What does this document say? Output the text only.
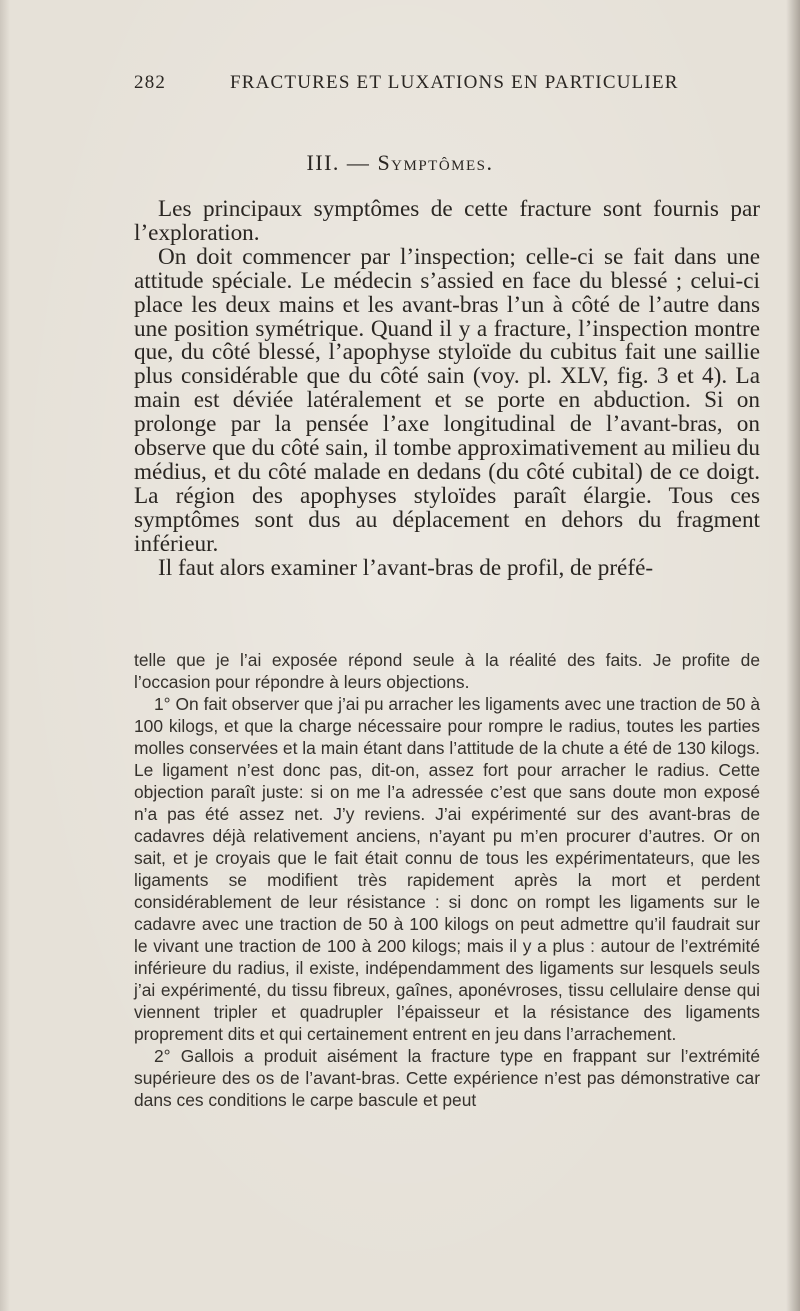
282	FRACTURES ET LUXATIONS EN PARTICULIER
III. — Symptômes.

Les principaux symptômes de cette fracture sont fournis par l’exploration.

On doit commencer par l’inspection; celle-ci se fait dans une attitude spéciale. Le médecin s’assied en face du blessé ; celui-ci place les deux mains et les avant-bras l’un à côté de l’autre dans une position symétrique. Quand il y a fracture, l’inspection montre que, du côté blessé, l’apophyse styloïde du cubitus fait une saillie plus considérable que du côté sain (voy. pl. XLV, fig. 3 et 4). La main est déviée latéralement et se porte en abduction. Si on prolonge par la pensée l’axe longitudinal de l’avant-bras, on observe que du côté sain, il tombe approximativement au milieu du médius, et du côté malade en dedans (du côté cubital) de ce doigt. La région des apophyses styloïdes paraît élargie. Tous ces symptômes sont dus au déplacement en dehors du fragment inférieur.

Il faut alors examiner l’avant-bras de profil, de préfé-

telle que je l’ai exposée répond seule à la réalité des faits. Je profite de l’occasion pour répondre à leurs objections.

1° On fait observer que j’ai pu arracher les ligaments avec une traction de 50 à 100 kilogs, et que la charge nécessaire pour rompre le radius, toutes les parties molles conservées et la main étant dans l’attitude de la chute a été de 130 kilogs. Le ligament n’est donc pas, dit-on, assez fort pour arracher le radius. Cette objection paraît juste: si on me l’a adressée c’est que sans doute mon exposé n’a pas été assez net. J’y reviens. J’ai expérimenté sur des avant-bras de cadavres déjà relativement anciens, n’ayant pu m’en procurer d’autres. Or on sait, et je croyais que le fait était connu de tous les expérimentateurs, que les ligaments se modifient très rapidement après la mort et perdent considérablement de leur résistance : si donc on rompt les ligaments sur le cadavre avec une traction de 50 à 100 kilogs on peut admettre qu’il faudrait sur le vivant une traction de 100 à 200 kilogs; mais il y a plus : autour de l’extrémité inférieure du radius, il existe, indépendamment des ligaments sur lesquels seuls j’ai expérimenté, du tissu fibreux, gaînes, aponévroses, tissu cellulaire dense qui viennent tripler et quadrupler l’épaisseur et la résistance des ligaments proprement dits et qui certainement entrent en jeu dans l’arrachement.

2° Gallois a produit aisément la fracture type en frappant sur l’extrémité supérieure des os de l’avant-bras. Cette expérience n’est pas démonstrative car dans ces conditions le carpe bascule et peut
